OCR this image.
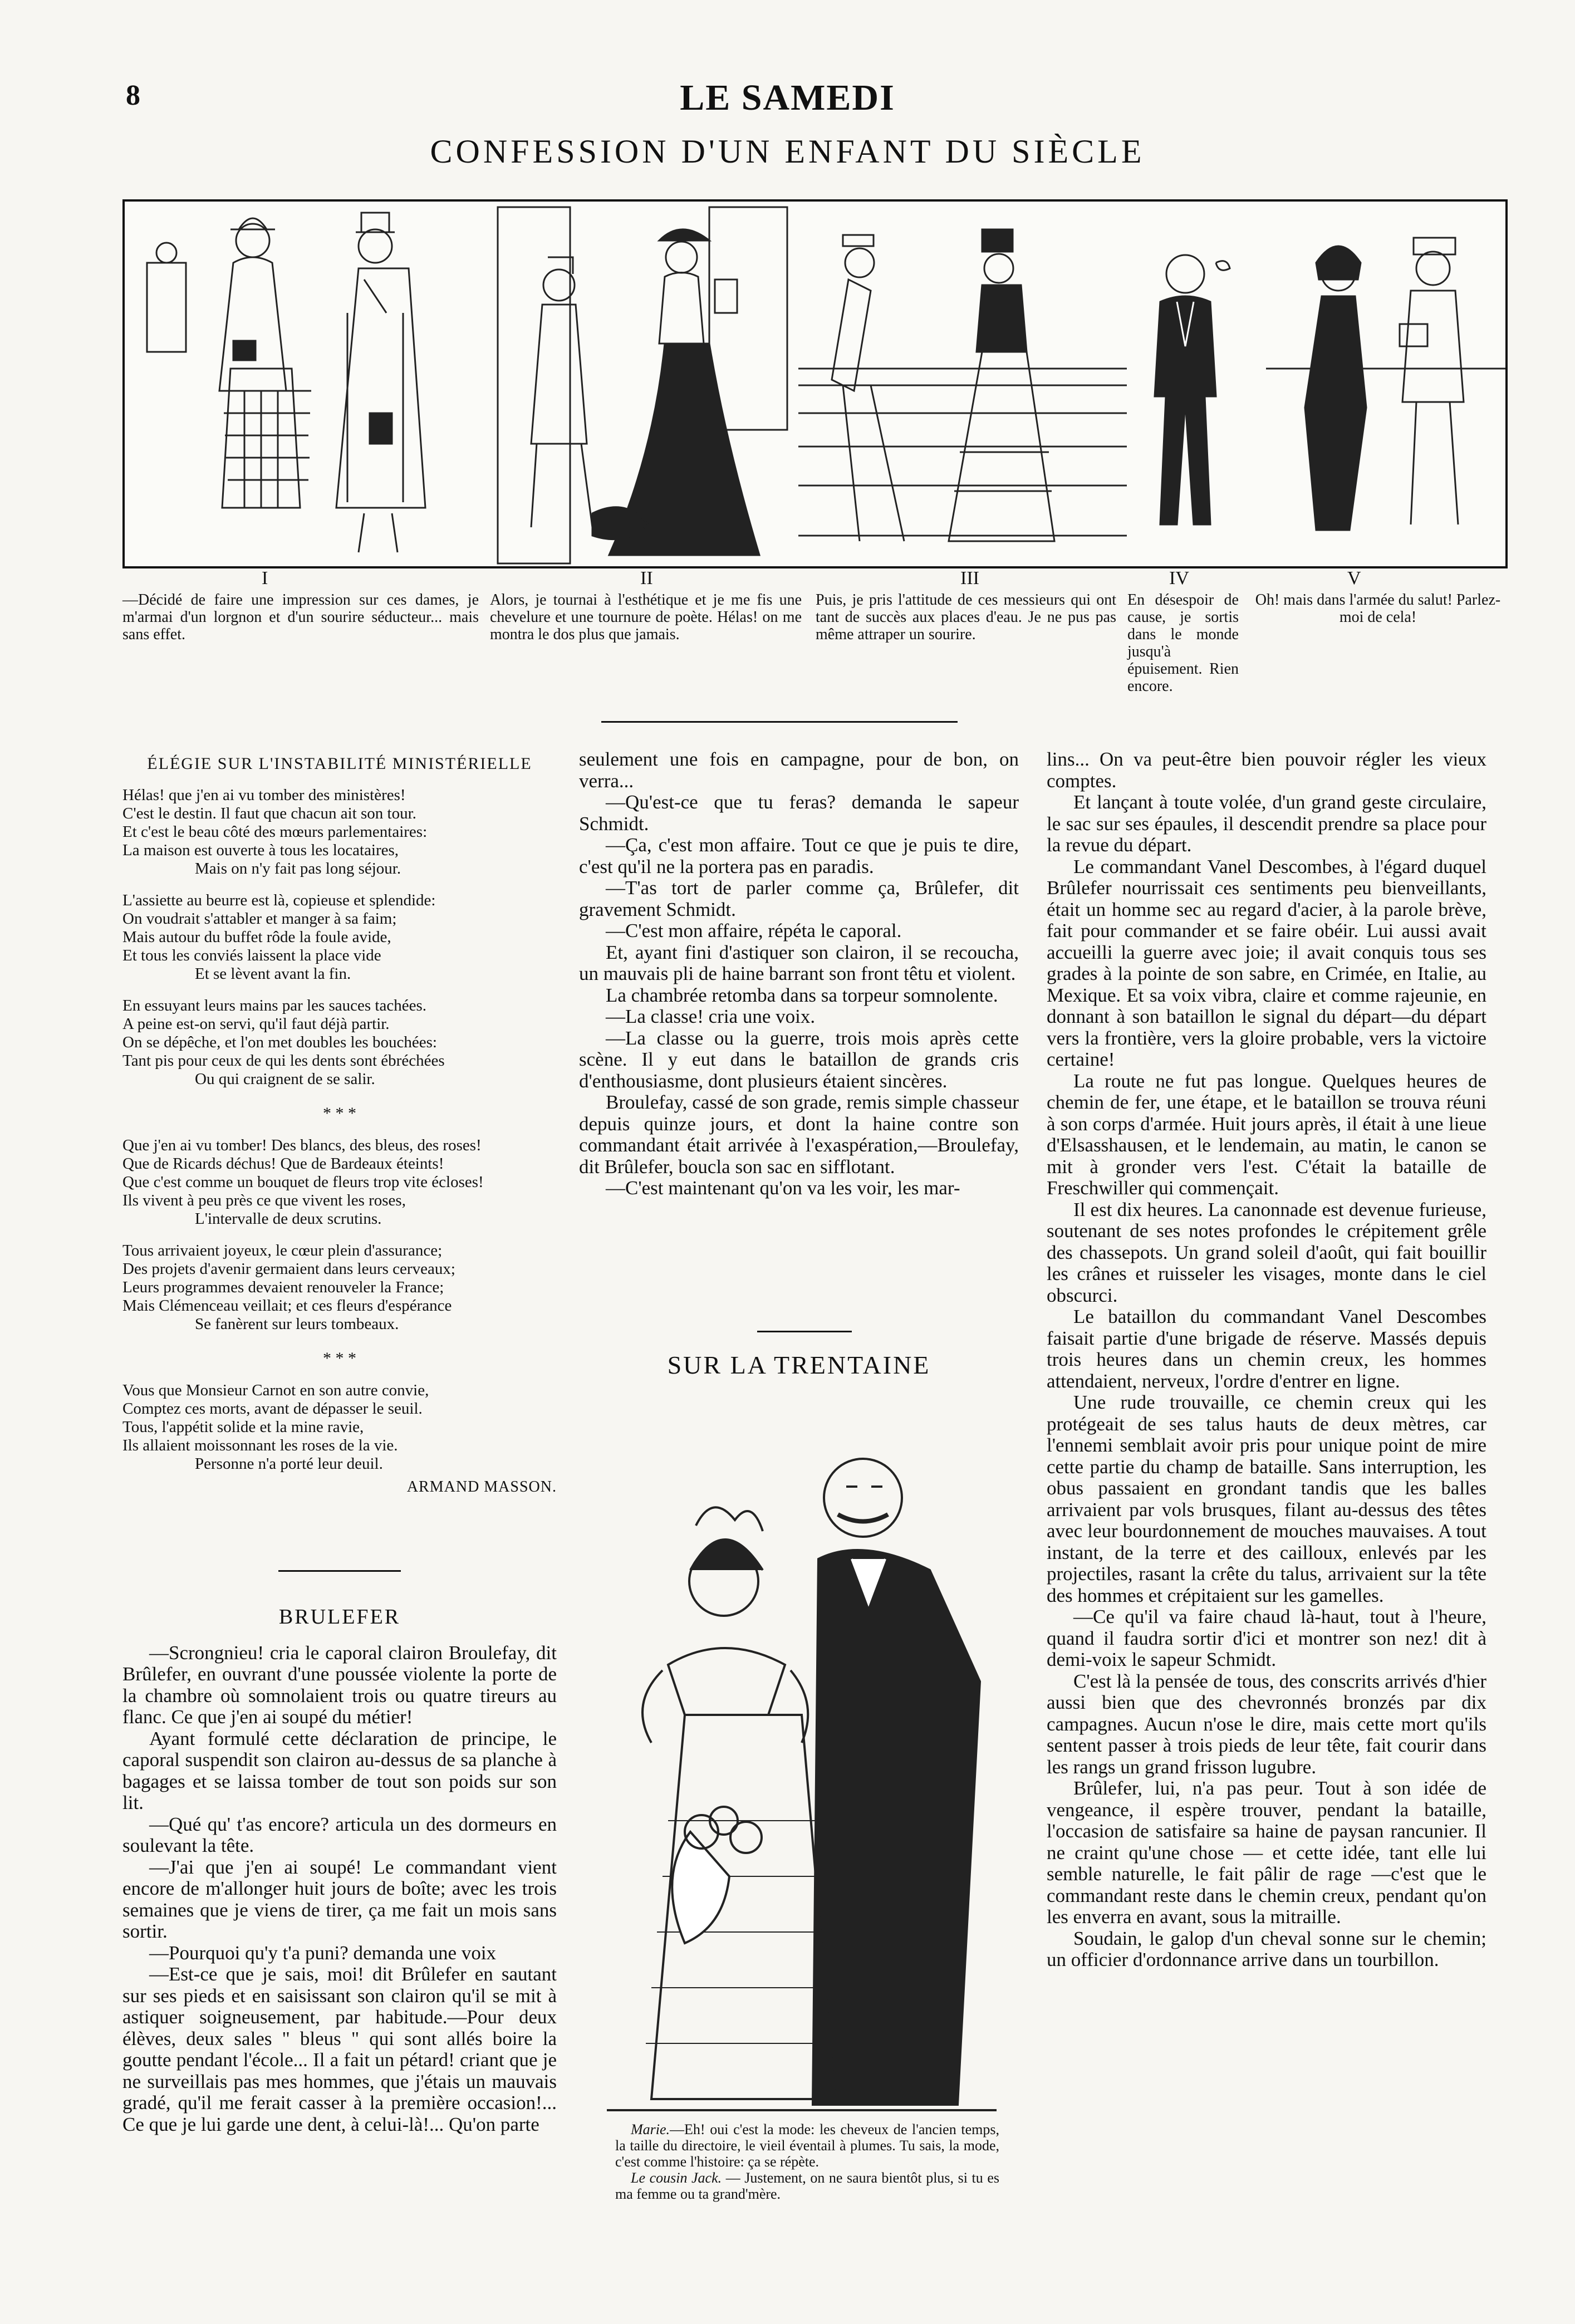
8	LE SAMEDI
CONFESSION D'UN ENFANT DU SIÈCLE
I	II	III	IV	V
—Décidé de faire une impression sur ces dames, je m'armai d'un lorgnon et d'un sourire séducteur... mais sans effet.
Alors, je tournai à l'esthétique et je me fis une chevelure et une tournure de poète. Hélas! on me montra le dos plus que jamais.
Puis, je pris l'attitude de ces messieurs qui ont tant de succès aux places d'eau. Je ne pus pas même attraper un sourire.
En désespoir de cause, je sortis dans le monde jusqu'à épuisement. Rien encore.
Oh! mais dans l'armée du salut! Parlez-moi de cela!
ÉLÉGIE SUR L'INSTABILITÉ MINISTÉRIELLE
Hélas! que j'en ai vu tomber des ministères!
C'est le destin. Il faut que chacun ait son tour.
Et c'est le beau côté des mœurs parlementaires:
La maison est ouverte à tous les locataires,
Mais on n'y fait pas long séjour.
L'assiette au beurre est là, copieuse et splendide:
On voudrait s'attabler et manger à sa faim;
Mais autour du buffet rôde la foule avide,
Et tous les conviés laissent la place vide
Et se lèvent avant la fin.
En essuyant leurs mains par les sauces tachées.
A peine est-on servi, qu'il faut déjà partir.
On se dépêche, et l'on met doubles les bouchées:
Tant pis pour ceux de qui les dents sont ébréchées
Ou qui craignent de se salir.
* * *
Que j'en ai vu tomber! Des blancs, des bleus, des roses!
Que de Ricards déchus! Que de Bardeaux éteints!
Que c'est comme un bouquet de fleurs trop vite écloses!
Ils vivent à peu près ce que vivent les roses,
L'intervalle de deux scrutins.
Tous arrivaient joyeux, le cœur plein d'assurance;
Des projets d'avenir germaient dans leurs cerveaux;
Leurs programmes devaient renouveler la France;
Mais Clémenceau veillait; et ces fleurs d'espérance
Se fanèrent sur leurs tombeaux.
* * *
Vous que Monsieur Carnot en son autre convie,
Comptez ces morts, avant de dépasser le seuil.
Tous, l'appétit solide et la mine ravie,
Ils allaient moissonnant les roses de la vie.
Personne n'a porté leur deuil.
ARMAND MASSON.
BRULEFER

—Scrongnieu! cria le caporal clairon Broulefay, dit Brûlefer, en ouvrant d'une poussée violente la porte de la chambre où somnolaient trois ou quatre tireurs au flanc. Ce que j'en ai soupé du métier!

Ayant formulé cette déclaration de principe, le caporal suspendit son clairon au-dessus de sa planche à bagages et se laissa tomber de tout son poids sur son lit.

—Qué qu' t'as encore? articula un des dormeurs en soulevant la tête.

—J'ai que j'en ai soupé! Le commandant vient encore de m'allonger huit jours de boîte; avec les trois semaines que je viens de tirer, ça me fait un mois sans sortir.

—Pourquoi qu'y t'a puni? demanda une voix

—Est-ce que je sais, moi! dit Brûlefer en sautant sur ses pieds et en saisissant son clairon qu'il se mit à astiquer soigneusement, par habitude.—Pour deux élèves, deux sales " bleus " qui sont allés boire la goutte pendant l'école... Il a fait un pétard! criant que je ne surveillais pas mes hommes, que j'étais un mauvais gradé, qu'il me ferait casser à la première occasion!... Ce que je lui garde une dent, à celui-là!... Qu'on parte

seulement une fois en campagne, pour de bon, on verra...

—Qu'est-ce que tu feras? demanda le sapeur Schmidt.

—Ça, c'est mon affaire. Tout ce que je puis te dire, c'est qu'il ne la portera pas en paradis.

—T'as tort de parler comme ça, Brûlefer, dit gravement Schmidt.

—C'est mon affaire, répéta le caporal.

Et, ayant fini d'astiquer son clairon, il se recoucha, un mauvais pli de haine barrant son front têtu et violent.

La chambrée retomba dans sa torpeur somnolente.

—La classe! cria une voix.

—La classe ou la guerre, trois mois après cette scène. Il y eut dans le bataillon de grands cris d'enthousiasme, dont plusieurs étaient sincères.

Broulefay, cassé de son grade, remis simple chasseur depuis quinze jours, et dont la haine contre son commandant était arrivée à l'exaspération,—Broulefay, dit Brûlefer, boucla son sac en sifflotant.

—C'est maintenant qu'on va les voir, les mar-

SUR LA TRENTAINE
Marie.—Eh! oui c'est la mode: les cheveux de l'ancien temps, la taille du directoire, le vieil éventail à plumes. Tu sais, la mode, c'est comme l'histoire: ça se répète.
Le cousin Jack. — Justement, on ne saura bientôt plus, si tu es ma femme ou ta grand'mère.

lins... On va peut-être bien pouvoir régler les vieux comptes.

Et lançant à toute volée, d'un grand geste circulaire, le sac sur ses épaules, il descendit prendre sa place pour la revue du départ.

Le commandant Vanel Descombes, à l'égard duquel Brûlefer nourrissait ces sentiments peu bienveillants, était un homme sec au regard d'acier, à la parole brève, fait pour commander et se faire obéir. Lui aussi avait accueilli la guerre avec joie; il avait conquis tous ses grades à la pointe de son sabre, en Crimée, en Italie, au Mexique. Et sa voix vibra, claire et comme rajeunie, en donnant à son bataillon le signal du départ—du départ vers la frontière, vers la gloire probable, vers la victoire certaine!

La route ne fut pas longue. Quelques heures de chemin de fer, une étape, et le bataillon se trouva réuni à son corps d'armée. Huit jours après, il était à une lieue d'Elsasshausen, et le lendemain, au matin, le canon se mit à gronder vers l'est. C'était la bataille de Freschwiller qui commençait.

Il est dix heures. La canonnade est devenue furieuse, soutenant de ses notes profondes le crépitement grêle des chassepots. Un grand soleil d'août, qui fait bouillir les crânes et ruisseler les visages, monte dans le ciel obscurci.

Le bataillon du commandant Vanel Descombes faisait partie d'une brigade de réserve. Massés depuis trois heures dans un chemin creux, les hommes attendaient, nerveux, l'ordre d'entrer en ligne.

Une rude trouvaille, ce chemin creux qui les protégeait de ses talus hauts de deux mètres, car l'ennemi semblait avoir pris pour unique point de mire cette partie du champ de bataille. Sans interruption, les obus passaient en grondant tandis que les balles arrivaient par vols brusques, filant au-dessus des têtes avec leur bourdonnement de mouches mauvaises. A tout instant, de la terre et des cailloux, enlevés par les projectiles, rasant la crête du talus, arrivaient sur la tête des hommes et crépitaient sur les gamelles.

—Ce qu'il va faire chaud là-haut, tout à l'heure, quand il faudra sortir d'ici et montrer son nez! dit à demi-voix le sapeur Schmidt.

C'est là la pensée de tous, des conscrits arrivés d'hier aussi bien que des chevronnés bronzés par dix campagnes. Aucun n'ose le dire, mais cette mort qu'ils sentent passer à trois pieds de leur tête, fait courir dans les rangs un grand frisson lugubre.

Brûlefer, lui, n'a pas peur. Tout à son idée de vengeance, il espère trouver, pendant la bataille, l'occasion de satisfaire sa haine de paysan rancunier. Il ne craint qu'une chose — et cette idée, tant elle lui semble naturelle, le fait pâlir de rage —c'est que le commandant reste dans le chemin creux, pendant qu'on les enverra en avant, sous la mitraille.

Soudain, le galop d'un cheval sonne sur le chemin; un officier d'ordonnance arrive dans un tourbillon.
